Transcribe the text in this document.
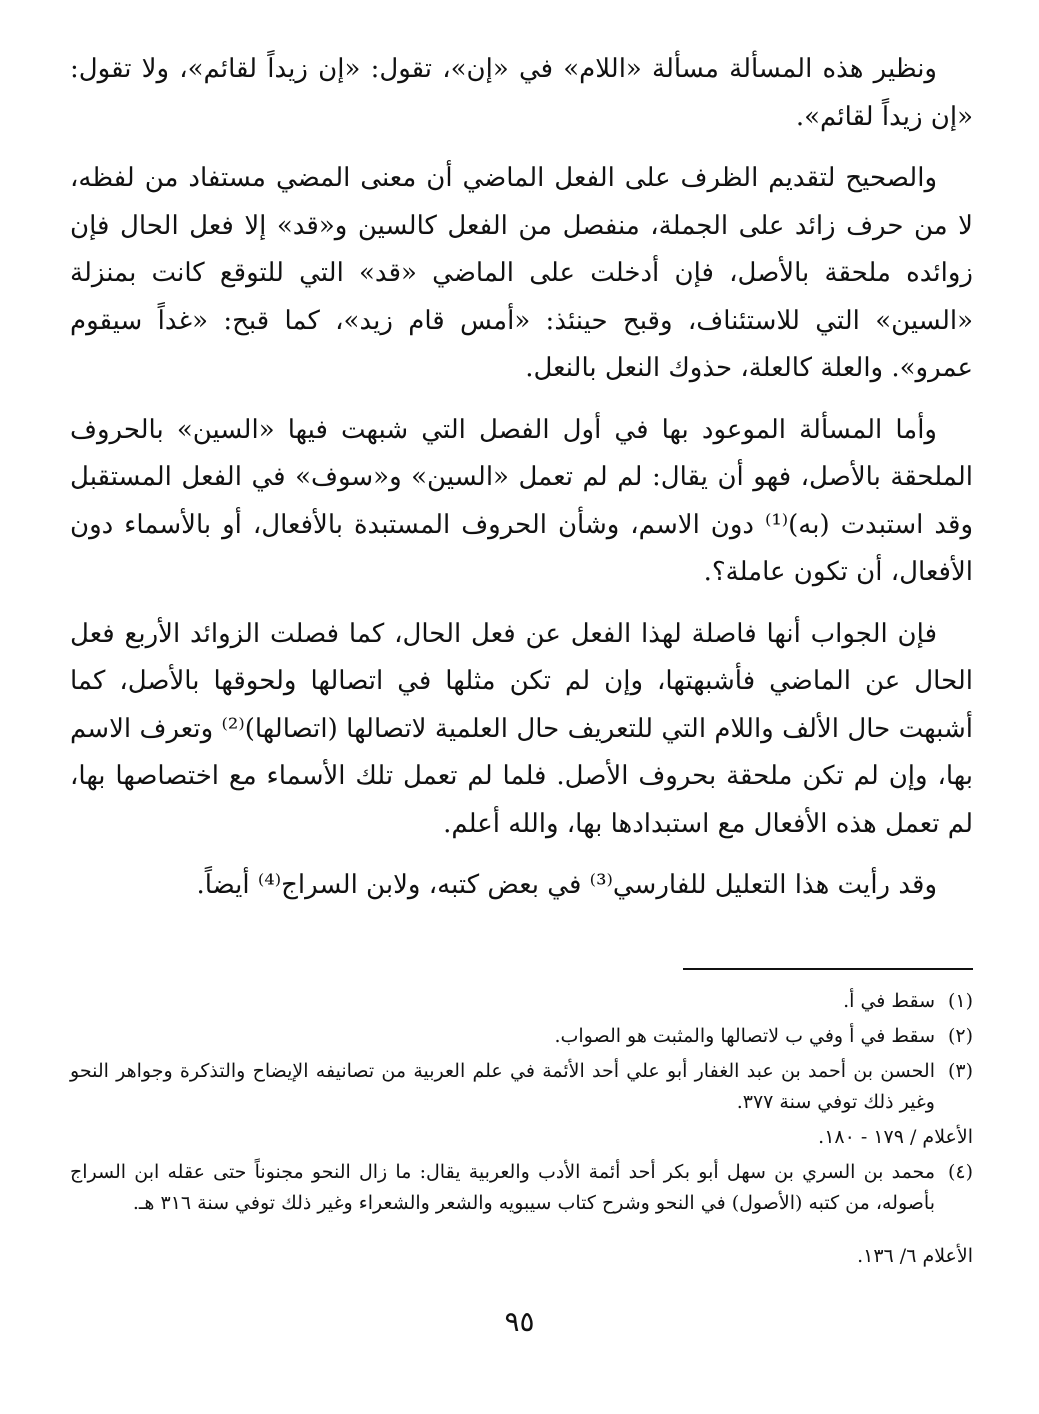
ونظير هذه المسألة مسألة «اللام» في «إن»، تقول: «إن زيداً لقائم»، ولا تقول: «إن زيداً لقائم».

والصحيح لتقديم الظرف على الفعل الماضي أن معنى المضي مستفاد من لفظه، لا من حرف زائد على الجملة، منفصل من الفعل كالسين و«قد» إلا فعل الحال فإن زوائده ملحقة بالأصل، فإن أدخلت على الماضي «قد» التي للتوقع كانت بمنزلة «السين» التي للاستئناف، وقبح حينئذ: «أمس قام زيد»، كما قبح: «غداً سيقوم عمرو». والعلة كالعلة، حذوك النعل بالنعل.

وأما المسألة الموعود بها في أول الفصل التي شبهت فيها «السين» بالحروف الملحقة بالأصل، فهو أن يقال: لم لم تعمل «السين» و«سوف» في الفعل المستقبل وقد استبدت (به)⁽¹⁾ دون الاسم، وشأن الحروف المستبدة بالأفعال، أو بالأسماء دون الأفعال، أن تكون عاملة؟.

فإن الجواب أنها فاصلة لهذا الفعل عن فعل الحال، كما فصلت الزوائد الأربع فعل الحال عن الماضي فأشبهتها، وإن لم تكن مثلها في اتصالها ولحوقها بالأصل، كما أشبهت حال الألف واللام التي للتعريف حال العلمية لاتصالها (اتصالها)⁽²⁾ وتعرف الاسم بها، وإن لم تكن ملحقة بحروف الأصل. فلما لم تعمل تلك الأسماء مع اختصاصها بها، لم تعمل هذه الأفعال مع استبدادها بها، والله أعلم.

وقد رأيت هذا التعليل للفارسي⁽³⁾ في بعض كتبه، ولابن السراج⁽⁴⁾ أيضاً.

(١)
سقط في أ.

(٢)
سقط في أ وفي ب لاتصالها والمثبت هو الصواب.

(٣)
الحسن بن أحمد بن عبد الغفار أبو علي أحد الأئمة في علم العربية من تصانيفه الإيضاح والتذكرة وجواهر النحو وغير ذلك توفي سنة ٣٧٧.

الأعلام / ١٧٩ - ١٨٠.

(٤)
محمد بن السري بن سهل أبو بكر أحد أئمة الأدب والعربية يقال: ما زال النحو مجنوناً حتى عقله ابن السراج بأصوله، من كتبه (الأصول) في النحو وشرح كتاب سيبويه والشعر والشعراء وغير ذلك توفي سنة ٣١٦ هـ.

الأعلام ٦/ ١٣٦.

٩٥
